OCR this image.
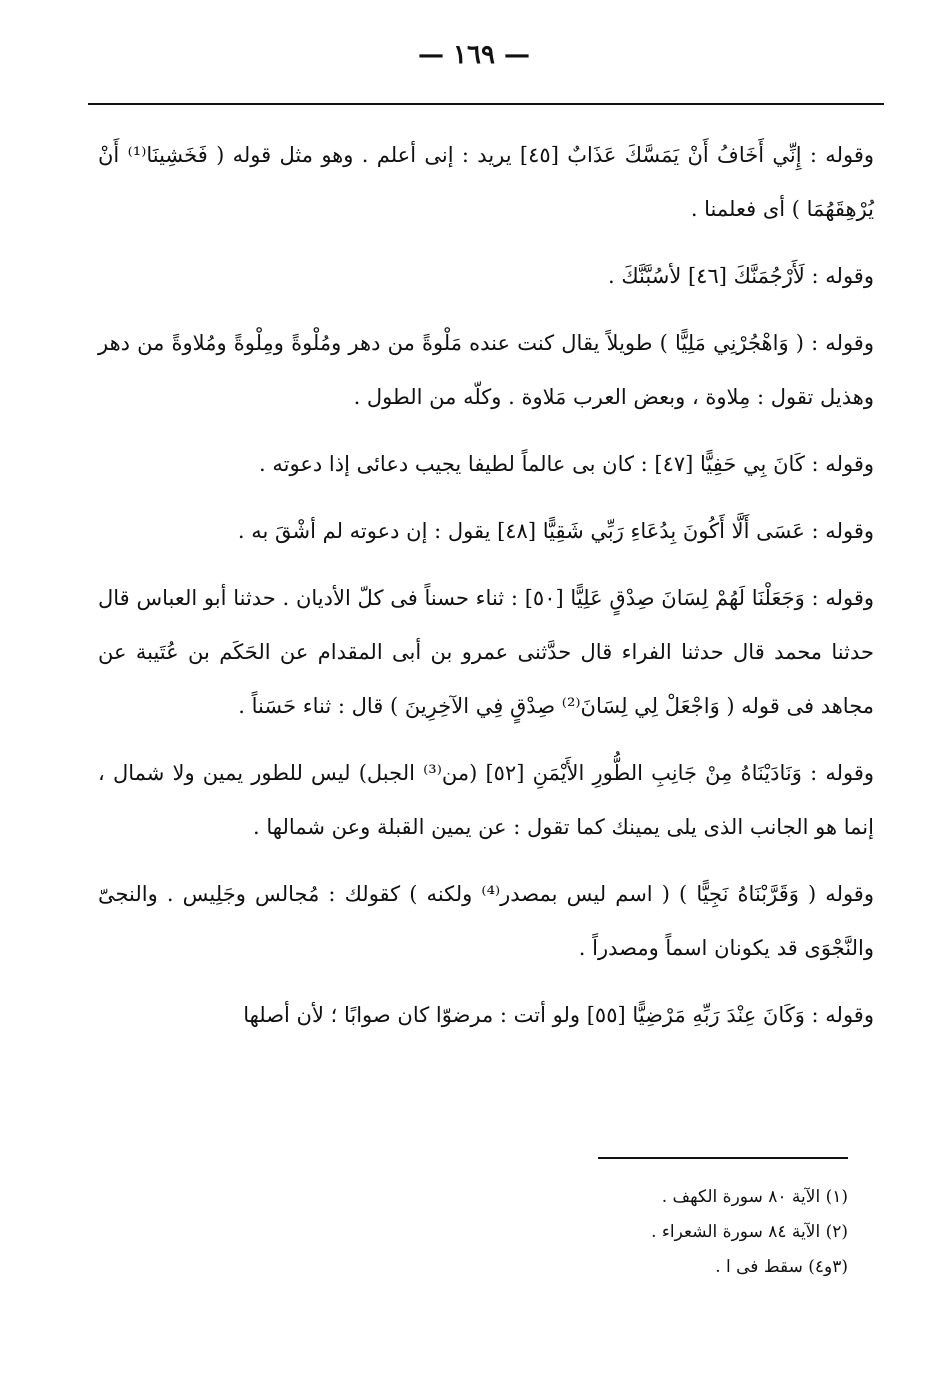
— ١٦٩ —

وقوله : إِنِّي أَخَافُ أَنْ يَمَسَّكَ عَذَابٌ [٤٥] يريد : إنى أعلم . وهو مثل قوله ( فَخَشِينَا⁽¹⁾ أَنْ يُرْهِقَهُمَا ) أى فعلمنا .

وقوله : لَأَرْجُمَنَّكَ [٤٦] لأسُبَّنَّكَ .

وقوله : ( وَاهْجُرْنِي مَلِيًّا ) طويلاً يقال كنت عنده مَلْوةً من دهر ومُلْوةً ومِلْوةً ومُلاوةً من دهر وهذيل تقول : مِلاوة ، وبعض العرب مَلاوة . وكلّه من الطول .

وقوله : كَانَ بِي حَفِيًّا [٤٧] : كان بى عالماً لطيفا يجيب دعائى إذا دعوته .

وقوله : عَسَى أَلَّا أَكُونَ بِدُعَاءِ رَبِّي شَقِيًّا [٤٨] يقول : إن دعوته لم أشْقَ به .

وقوله : وَجَعَلْنَا لَهُمْ لِسَانَ صِدْقٍ عَلِيًّا [٥٠] : ثناء حسناً فى كلّ الأديان . حدثنا أبو العباس قال حدثنا محمد قال حدثنا الفراء قال حدَّثنى عمرو بن أبى المقدام عن الحَكَم بن عُتَيبة عن مجاهد فى قوله ( وَاجْعَلْ لِي لِسَانَ⁽²⁾ صِدْقٍ فِي الآخِرِينَ ) قال : ثناء حَسَناً .

وقوله : وَنَادَيْنَاهُ مِنْ جَانِبِ الطُّورِ الأَيْمَنِ [٥٢] (من⁽³⁾ الجبل) ليس للطور يمين ولا شمال ، إنما هو الجانب الذى يلى يمينك كما تقول : عن يمين القبلة وعن شمالها .

وقوله ( وَقَرَّبْنَاهُ نَجِيًّا ) ( اسم ليس بمصدر⁽⁴⁾ ولكنه ) كقولك : مُجالس وجَلِيس . والنجىّ والنَّجْوَى قد يكونان اسماً ومصدراً .

وقوله : وَكَانَ عِنْدَ رَبِّهِ مَرْضِيًّا [٥٥] ولو أتت : مرضوّا كان صوابًا ؛ لأن أصلها

(١) الآية ٨٠ سورة الكهف .

(٢) الآية ٨٤ سورة الشعراء .

(٣و٤) سقط فى ا .
